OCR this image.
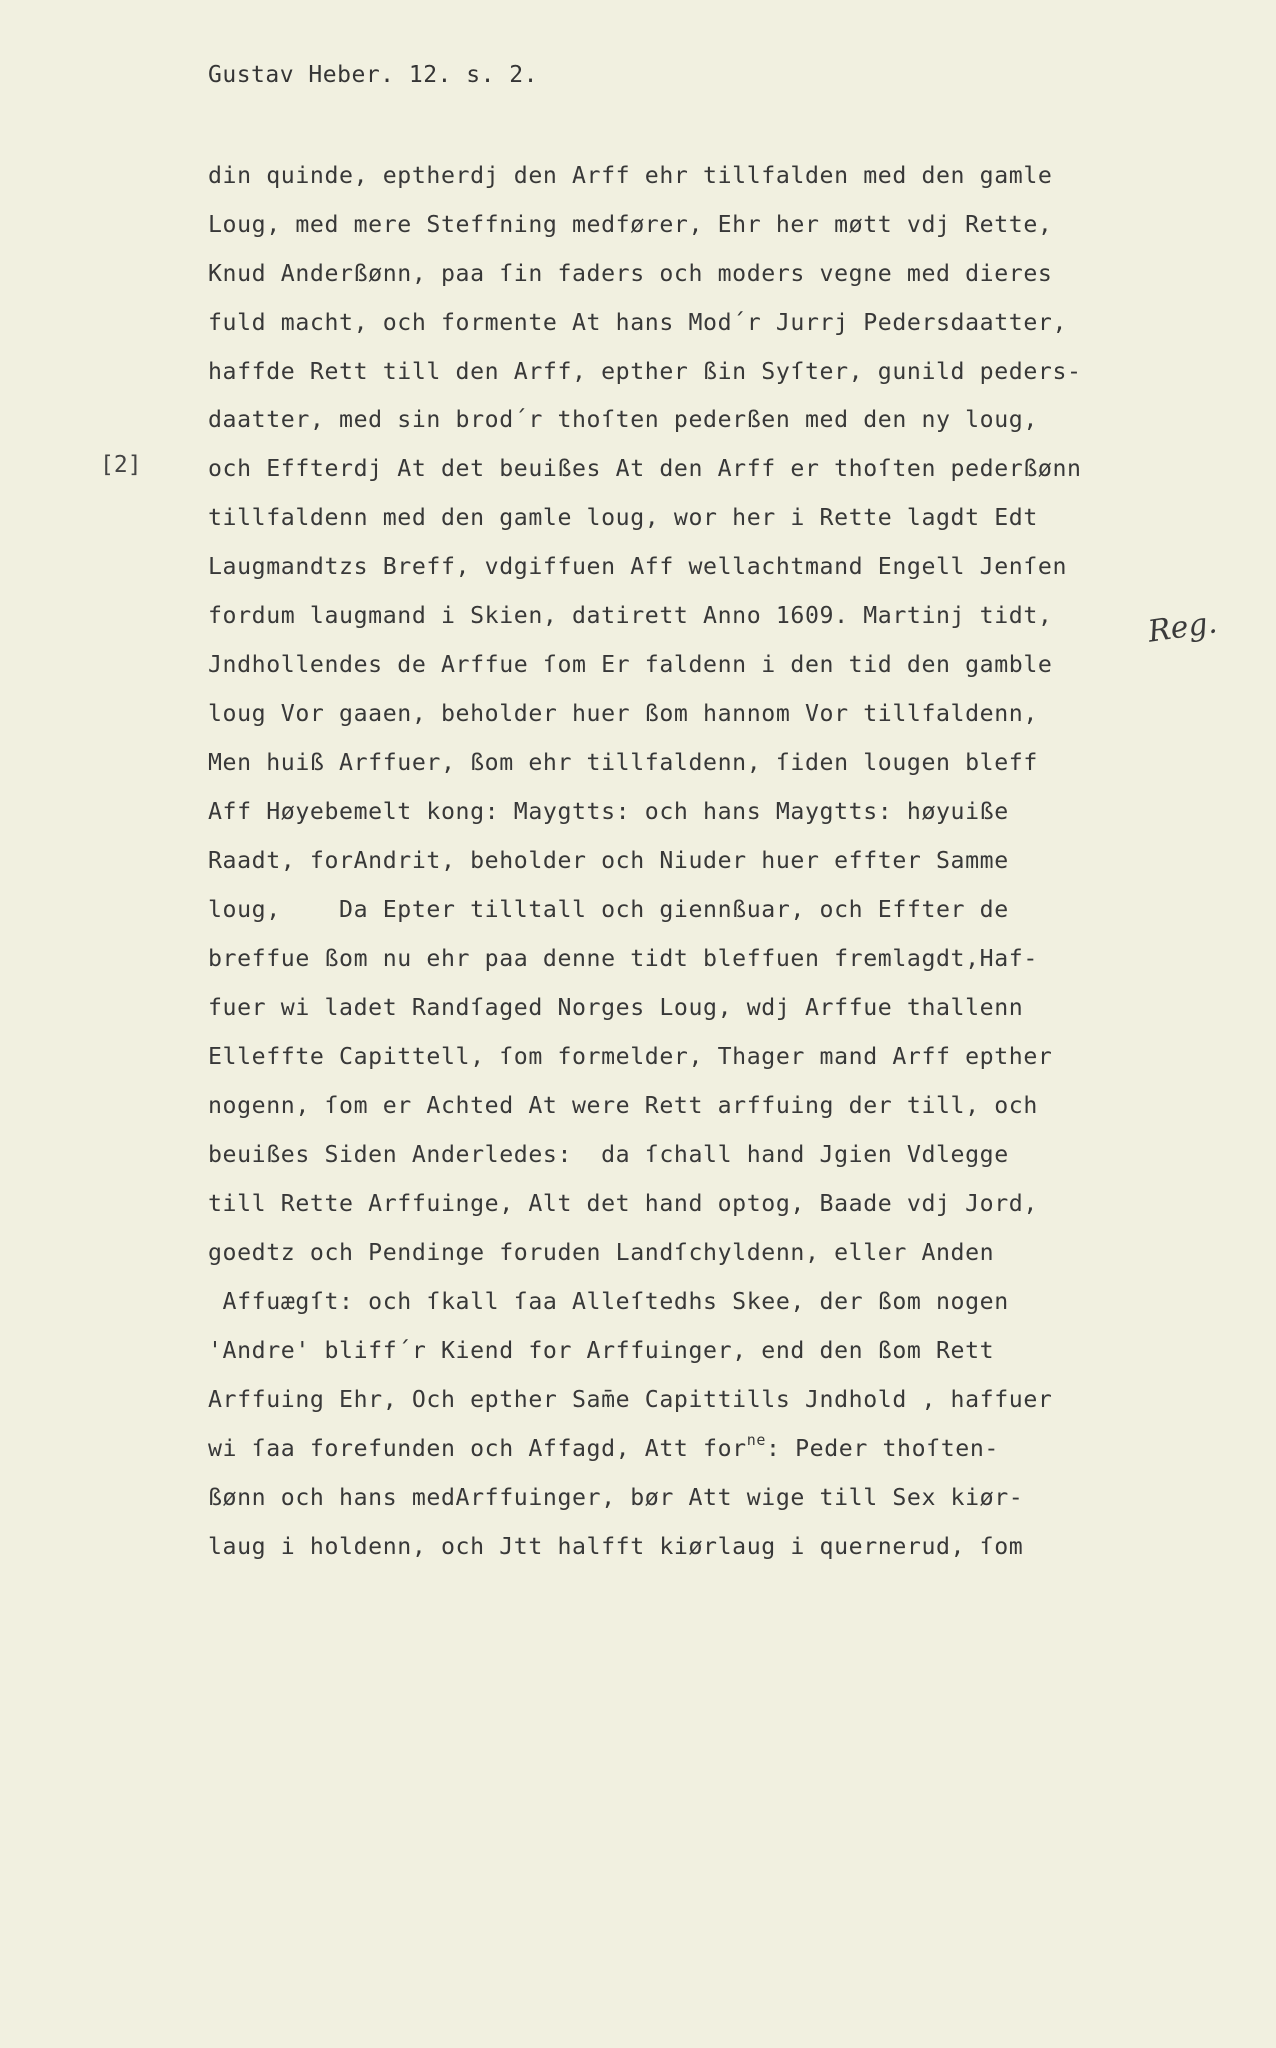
Gustav Heber. 12. s. 2.
[2]
Reg.
din quinde, eptherdj den Arff ehr tillfalden med den gamle
Loug, med mere Steffning medfører, Ehr her møtt vdj Rette,
Knud Anderßønn, paa ſin faders och moders vegne med dieres
fuld macht, och formente At hans Mod´r Jurrj Pedersdaatter,
haffde Rett till den Arff, epther ßin Syſter, gunild peders-
daatter, med sin brod´r thoſten pederßen med den ny loug,
och Effterdj At det beuißes At den Arff er thoſten pederßønn
tillfaldenn med den gamle loug, wor her i Rette lagdt Edt
Laugmandtzs Breff, vdgiffuen Aff wellachtmand Engell Jenſen
fordum laugmand i Skien, datirett Anno 1609. Martinj tidt,
Jndhollendes de Arffue ſom Er faldenn i den tid den gamble
loug Vor gaaen, beholder huer ßom hannom Vor tillfaldenn,
Men huiß Arffuer, ßom ehr tillfaldenn, ſiden lougen bleff
Aff Høyebemelt kong: Maygtts: och hans Maygtts: høyuiße
Raadt, forAndrit, beholder och Niuder huer effter Samme
loug,    Da Epter tilltall och giennßuar, och Effter de
breffue ßom nu ehr paa denne tidt bleffuen fremlagdt,Haf-
fuer wi ladet Randſaged Norges Loug, wdj Arffue thallenn
Elleffte Capittell, ſom formelder, Thager mand Arff epther
nogenn, ſom er Achted At were Rett arffuing der till, och
beuißes Siden Anderledes:  da ſchall hand Jgien Vdlegge
till Rette Arffuinge, Alt det hand optog, Baade vdj Jord,
goedtz och Pendinge foruden Landſchyldenn, eller Anden
Affuægſt: och ſkall ſaa Alleſtedhs Skee, der ßom nogen
'Andre' bliff´r Kiend for Arffuinger, end den ßom Rett
Arffuing Ehr, Och epther Sam̄e Capittills Jndhold , haffuer
wi ſaa forefunden och Affagd, Att for$^{ne}$: Peder thoſten-
ßønn och hans medArffuinger, bør Att wige till Sex kiør-
laug i holdenn, och Jtt halfft kiørlaug i quernerud, ſom
